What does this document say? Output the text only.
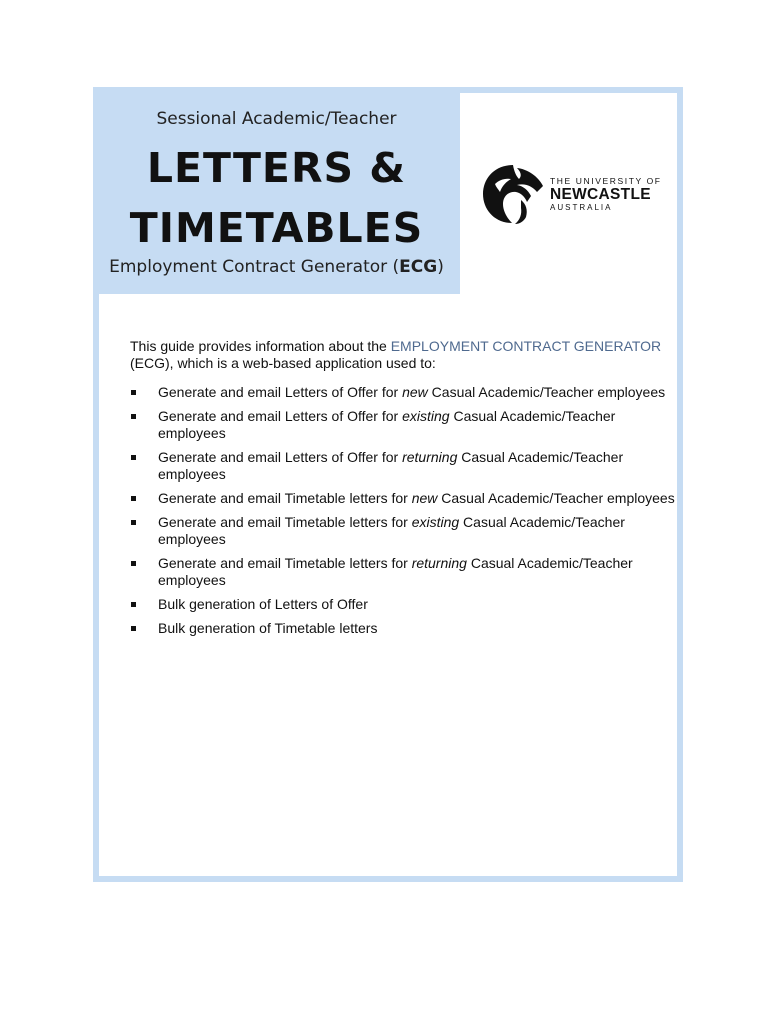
Sessional Academic/Teacher
LETTERS &
TIMETABLES
Employment Contract Generator (ECG)
THE UNIVERSITY OF
NEWCASTLE
AUSTRALIA

This guide provides information about the EMPLOYMENT CONTRACT GENERATOR (ECG), which is a web-based application used to:

Generate and email Letters of Offer for new Casual Academic/Teacher employees
Generate and email Letters of Offer for existing Casual Academic/Teacher employees
Generate and email Letters of Offer for returning Casual Academic/Teacher employees
Generate and email Timetable letters for new Casual Academic/Teacher employees
Generate and email Timetable letters for existing Casual Academic/Teacher employees
Generate and email Timetable letters for returning Casual Academic/Teacher employees
Bulk generation of Letters of Offer
Bulk generation of Timetable letters
